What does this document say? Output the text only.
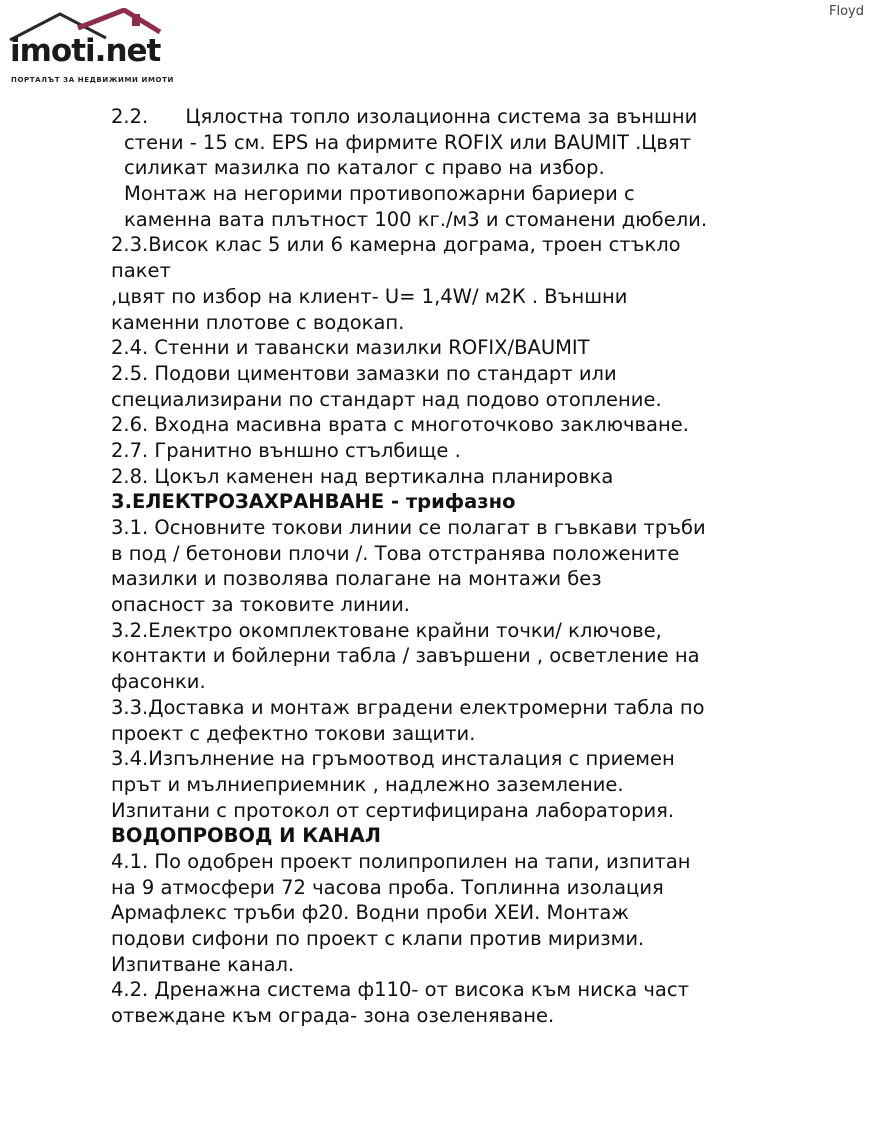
imoti.net
ПОРТАЛЪТ ЗА НЕДВИЖИМИ ИМОТИ
Floyd
2.2.      Цялостна топло изолационна система за външни
стени - 15 см. EPS на фирмите ROFIX или BAUMIT .Цвят
силикат мазилка по каталог с право на избор.
Монтаж на негорими противопожарни бариери с
каменна вата плътност 100 кг./м3 и стоманени дюбели.
2.3.Висок клас 5 или 6 камерна дограма, троен стъкло
пакет
,цвят по избор на клиент- U= 1,4W/ м2К . Външни
каменни плотове с водокап.
2.4. Стенни и тавански мазилки ROFIX/BAUMIT
2.5. Подови циментови замазки по стандарт или
специализирани по стандарт над подово отопление.
2.6. Входна масивна врата с многоточково заключване.
2.7. Гранитно външно стълбище .
2.8. Цокъл каменен над вертикална планировка
3.ЕЛЕКТРОЗАХРАНВАНЕ - трифазно
3.1. Основните токови линии се полагат в гъвкави тръби
в под / бетонови плочи /. Това отстранява положените
мазилки и позволява полагане на монтажи без
опасност за токовите линии.
3.2.Електро окомплектоване крайни точки/ ключове,
контакти и бойлерни табла / завършени , осветление на
фасонки.
3.3.Доставка и монтаж вградени електромерни табла по
проект с дефектно токови защити.
3.4.Изпълнение на гръмоотвод инсталация с приемен
прът и мълниеприемник , надлежно заземление.
Изпитани с протокол от сертифицирана лаборатория.
ВОДОПРОВОД И КАНАЛ
4.1. По одобрен проект полипропилен на тапи, изпитан
на 9 атмосфери 72 часова проба. Топлинна изолация
Армафлекс тръби ф20. Водни проби ХЕИ. Монтаж
подови сифони по проект с клапи против миризми.
Изпитване канал.
4.2. Дренажна система ф110- от висока към ниска част
отвеждане към ограда- зона озеленяване.
